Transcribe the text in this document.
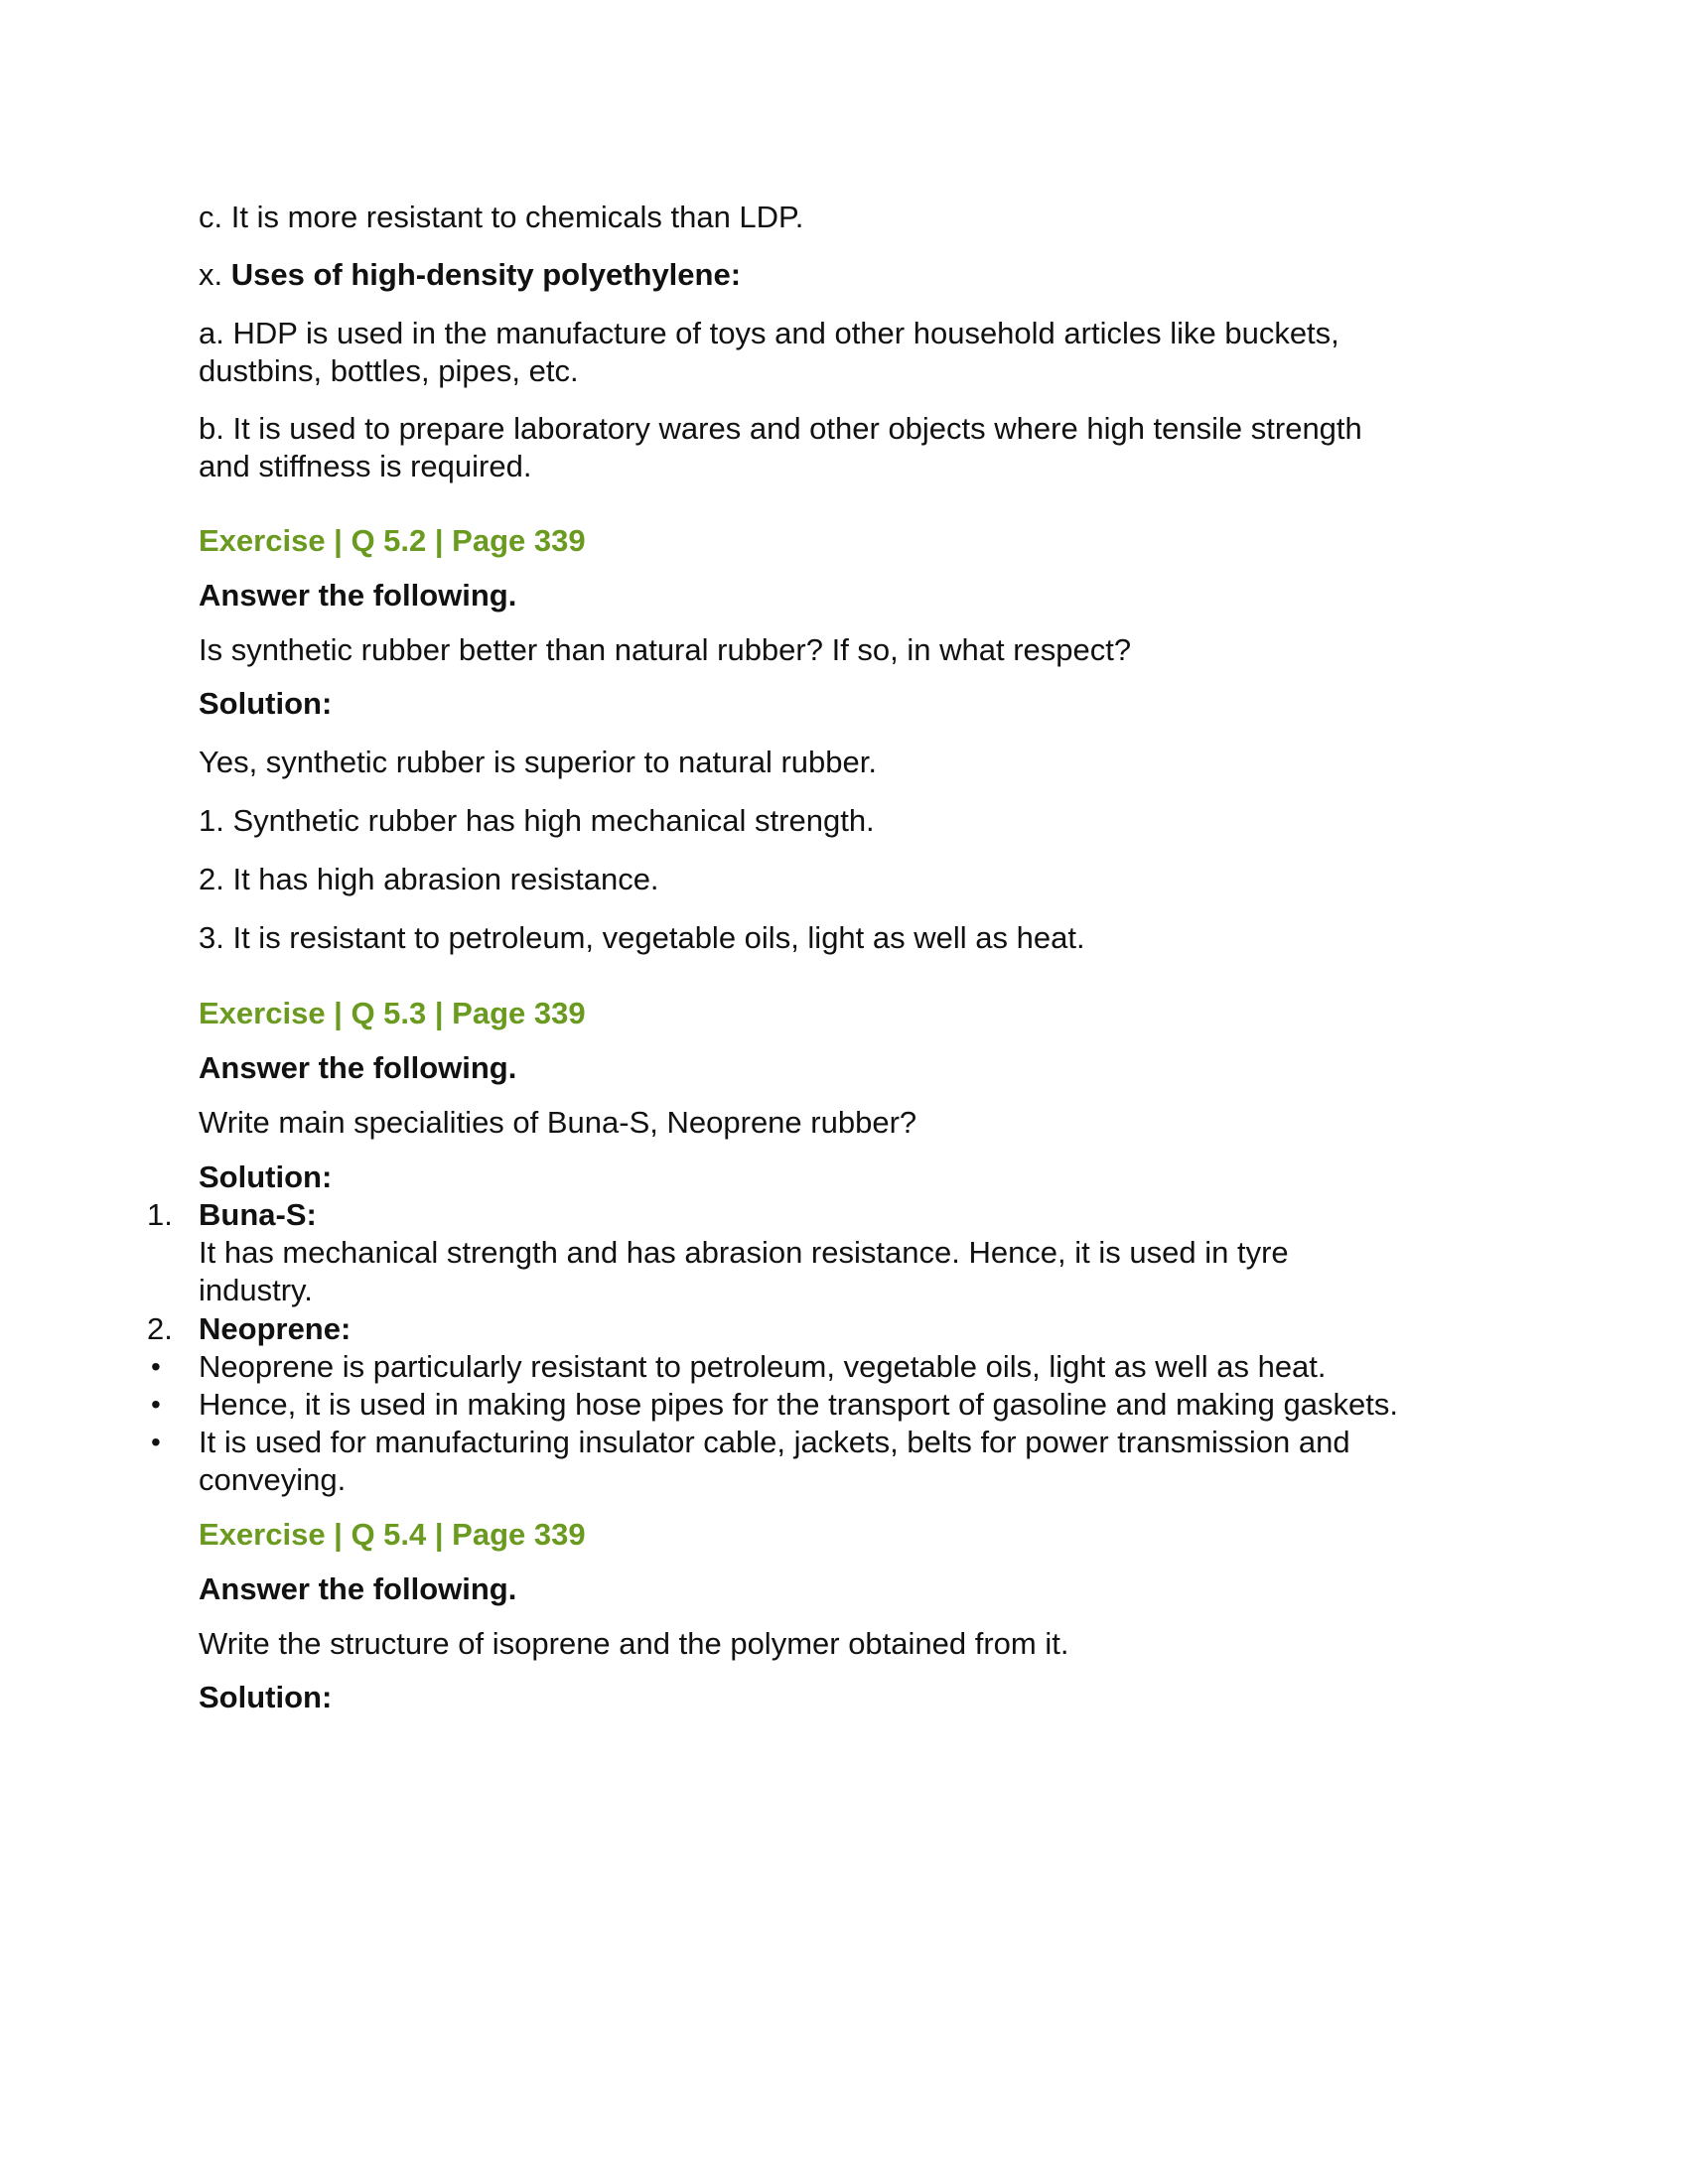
c. It is more resistant to chemicals than LDP.

x. Uses of high-density polyethylene:

a. HDP is used in the manufacture of toys and other household articles like buckets,

dustbins, bottles, pipes, etc.

b. It is used to prepare laboratory wares and other objects where high tensile strength

and stiffness is required.

Exercise | Q 5.2 | Page 339

Answer the following.

Is synthetic rubber better than natural rubber? If so, in what respect?

Solution:

Yes, synthetic rubber is superior to natural rubber.

1. Synthetic rubber has high mechanical strength.

2. It has high abrasion resistance.

3. It is resistant to petroleum, vegetable oils, light as well as heat.

Exercise | Q 5.3 | Page 339

Answer the following.

Write main specialities of Buna-S, Neoprene rubber?

Solution:

1. Buna-S:

It has mechanical strength and has abrasion resistance. Hence, it is used in tyre

industry.

2. Neoprene:

• Neoprene is particularly resistant to petroleum, vegetable oils, light as well as heat.

• Hence, it is used in making hose pipes for the transport of gasoline and making gaskets.

• It is used for manufacturing insulator cable, jackets, belts for power transmission and

conveying.

Exercise | Q 5.4 | Page 339

Answer the following.

Write the structure of isoprene and the polymer obtained from it.

Solution:
